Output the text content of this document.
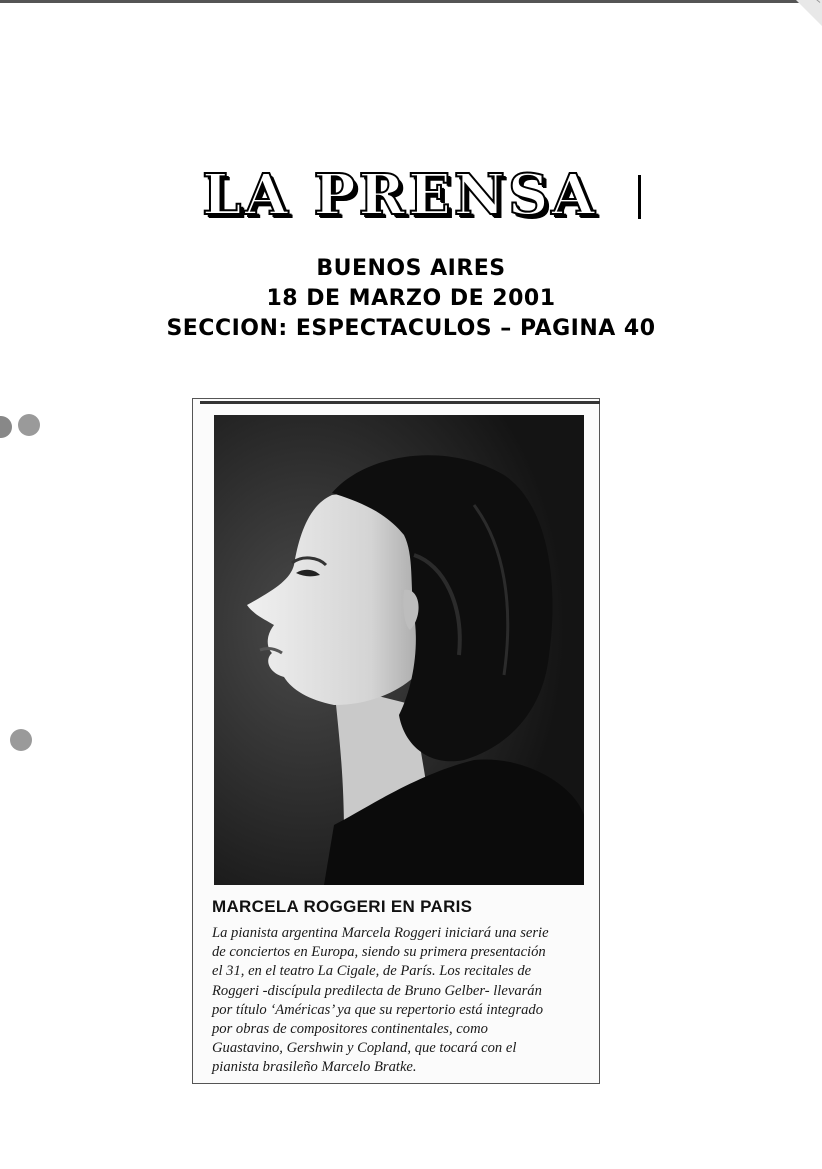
LA PRENSA
BUENOS AIRES
18 DE MARZO DE 2001
SECCION: ESPECTACULOS – PAGINA 40
MARCELA ROGGERI EN PARIS

La pianista argentina Marcela Roggeri iniciará una serie
de conciertos en Europa, siendo su primera presentación
el 31, en el teatro La Cigale, de París. Los recitales de
Roggeri -discípula predilecta de Bruno Gelber- llevarán
por título ‘Américas’ ya que su repertorio está integrado
por obras de compositores continentales, como
Guastavino, Gershwin y Copland, que tocará con el
pianista brasileño Marcelo Bratke.
